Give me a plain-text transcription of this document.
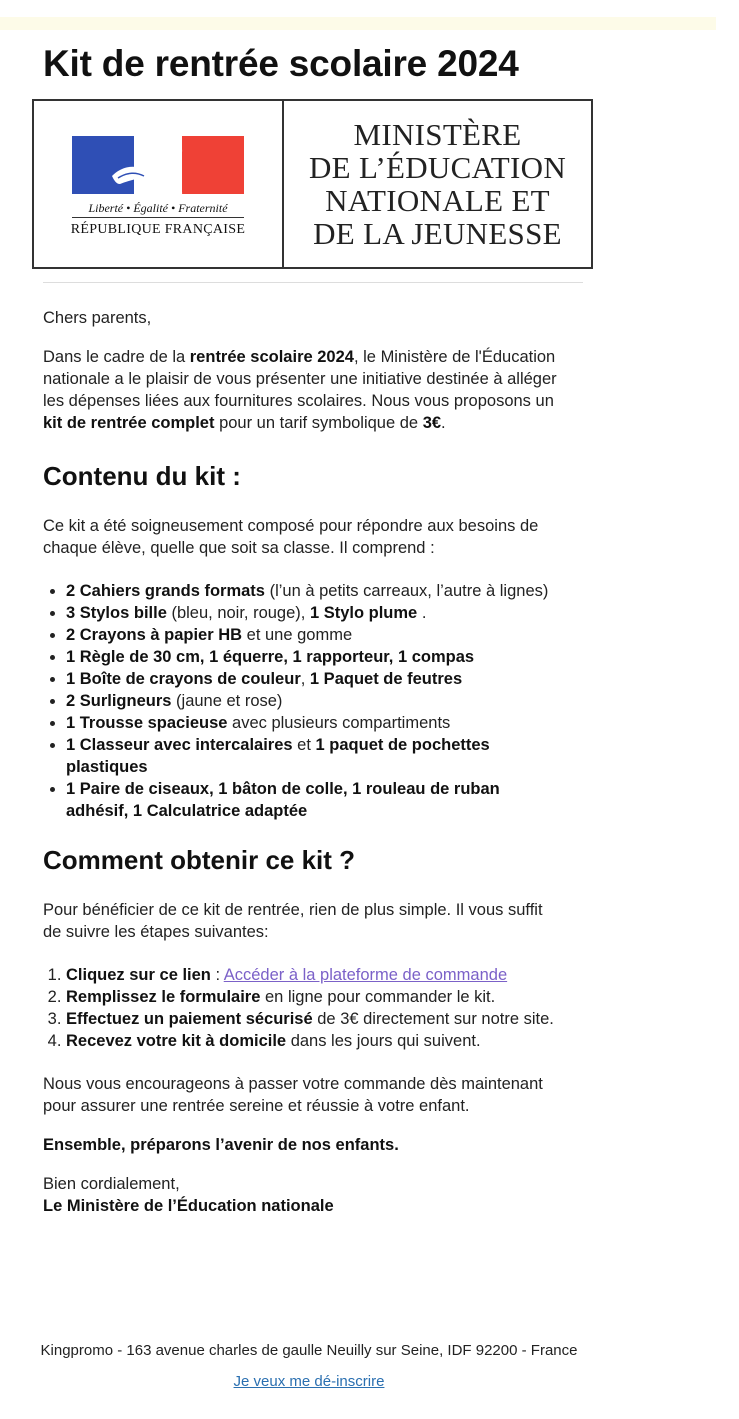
Kit de rentrée scolaire 2024
Liberté • Égalité • Fraternité
RÉPUBLIQUE FRANÇAISE
MINISTÈRE
DE L’ÉDUCATION
NATIONALE ET
DE LA JEUNESSE

Chers parents,

Dans le cadre de la rentrée scolaire 2024, le Ministère de l'Éducation nationale a le plaisir de vous présenter une initiative destinée à alléger les dépenses liées aux fournitures scolaires. Nous vous proposons un kit de rentrée complet pour un tarif symbolique de 3€.

Contenu du kit :

Ce kit a été soigneusement composé pour répondre aux besoins de chaque élève, quelle que soit sa classe. Il comprend :

• 2 Cahiers grands formats (l’un à petits carreaux, l’autre à lignes)
• 3 Stylos bille (bleu, noir, rouge), 1 Stylo plume .
• 2 Crayons à papier HB et une gomme
• 1 Règle de 30 cm, 1 équerre, 1 rapporteur, 1 compas
• 1 Boîte de crayons de couleur, 1 Paquet de feutres
• 2 Surligneurs (jaune et rose)
• 1 Trousse spacieuse avec plusieurs compartiments
• 1 Classeur avec intercalaires et 1 paquet de pochettes plastiques
• 1 Paire de ciseaux, 1 bâton de colle, 1 rouleau de ruban adhésif, 1 Calculatrice adaptée
Comment obtenir ce kit ?

Pour bénéficier de ce kit de rentrée, rien de plus simple. Il vous suffit de suivre les étapes suivantes:

1. Cliquez sur ce lien : Accéder à la plateforme de commande
2. Remplissez le formulaire en ligne pour commander le kit.
3. Effectuez un paiement sécurisé de 3€ directement sur notre site.
4. Recevez votre kit à domicile dans les jours qui suivent.

Nous vous encourageons à passer votre commande dès maintenant pour assurer une rentrée sereine et réussie à votre enfant.

Ensemble, préparons l’avenir de nos enfants.

Bien cordialement,

Le Ministère de l’Éducation nationale

Kingpromo - 163 avenue charles de gaulle Neuilly sur Seine, IDF 92200 - France
Je veux me dé-inscrire
